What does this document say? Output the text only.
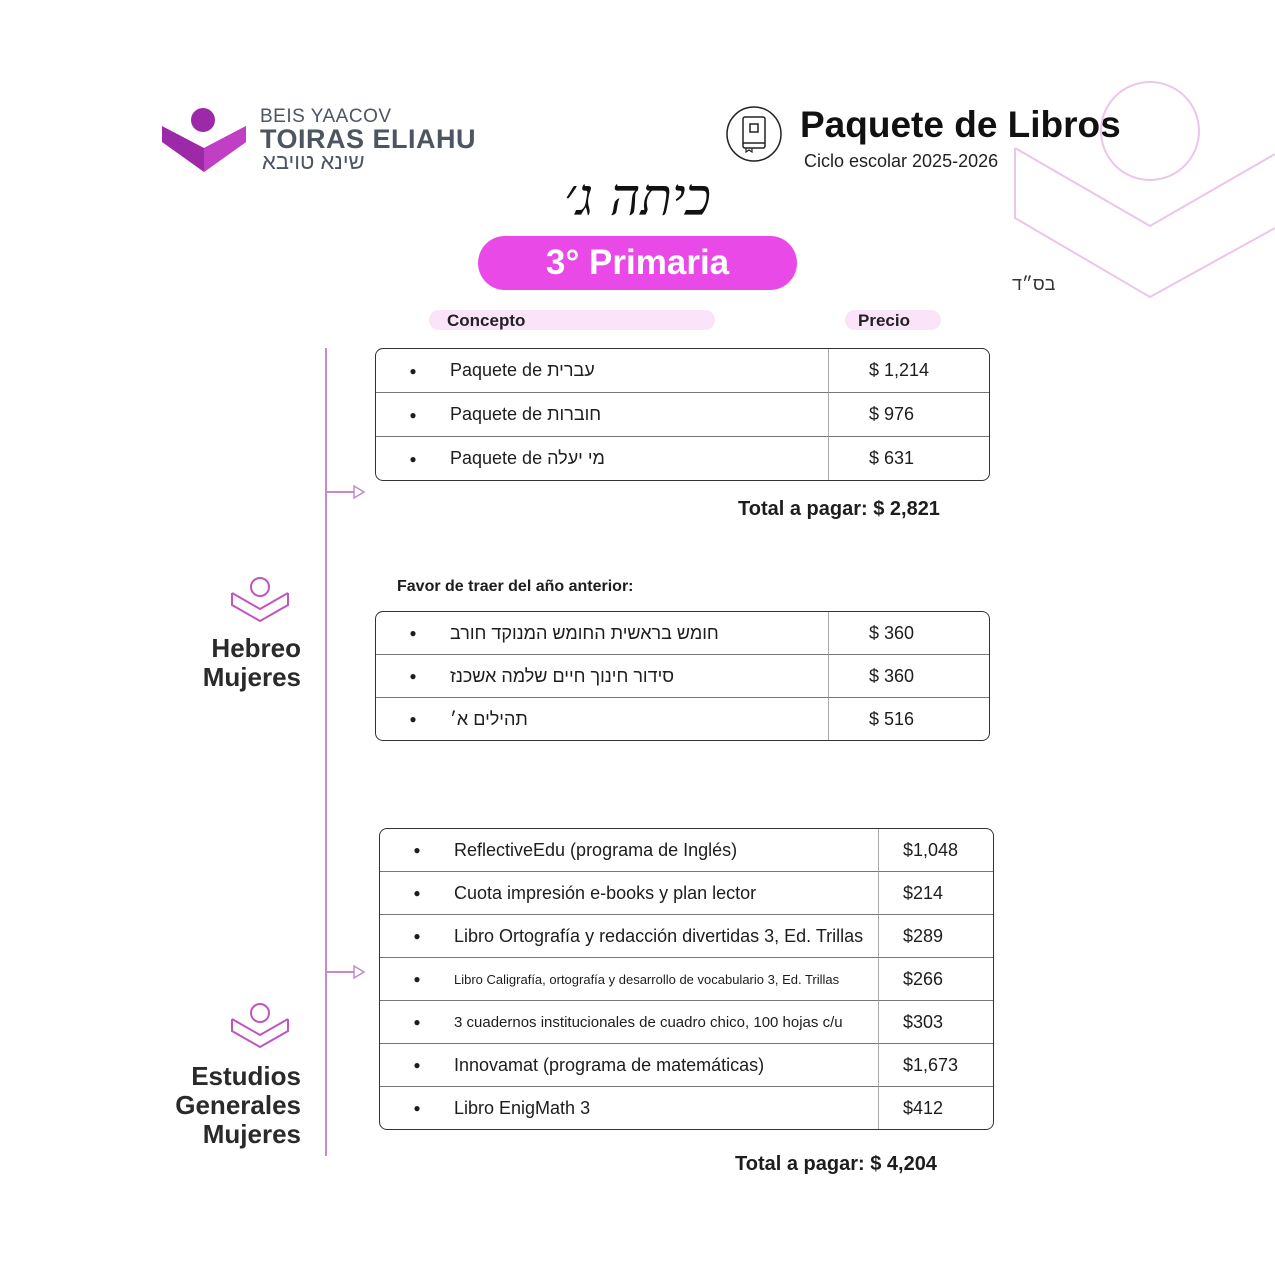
BEIS YAACOV
TOIRAS ELIAHU
שינא טויבא
Paquete de Libros
Ciclo escolar 2025-2026
כיתה ג׳
3° Primaria
בס״ד
Concepto	Precio
●	Paquete de עברית	$ 1,214
●	Paquete de חוברות	$ 976
●	Paquete de מי יעלה	$ 631
Total a pagar: $ 2,821
Favor de traer del año anterior:
●	חומש בראשית החומש המנוקד חורב	$ 360
●	סידור חינוך חיים שלמה אשכנז	$ 360
●	תהילים א׳	$ 516
Hebreo
Mujeres
●	ReflectiveEdu (programa de Inglés)	$1,048
●	Cuota impresión e-books y plan lector	$214
●	Libro Ortografía y redacción divertidas 3, Ed. Trillas	$289
●	Libro Caligrafía, ortografía y desarrollo de vocabulario 3, Ed. Trillas	$266
●	3 cuadernos institucionales de cuadro chico, 100 hojas c/u	$303
●	Innovamat (programa de matemáticas)	$1,673
●	Libro EnigMath 3	$412
Total a pagar: $ 4,204
Estudios
Generales
Mujeres
